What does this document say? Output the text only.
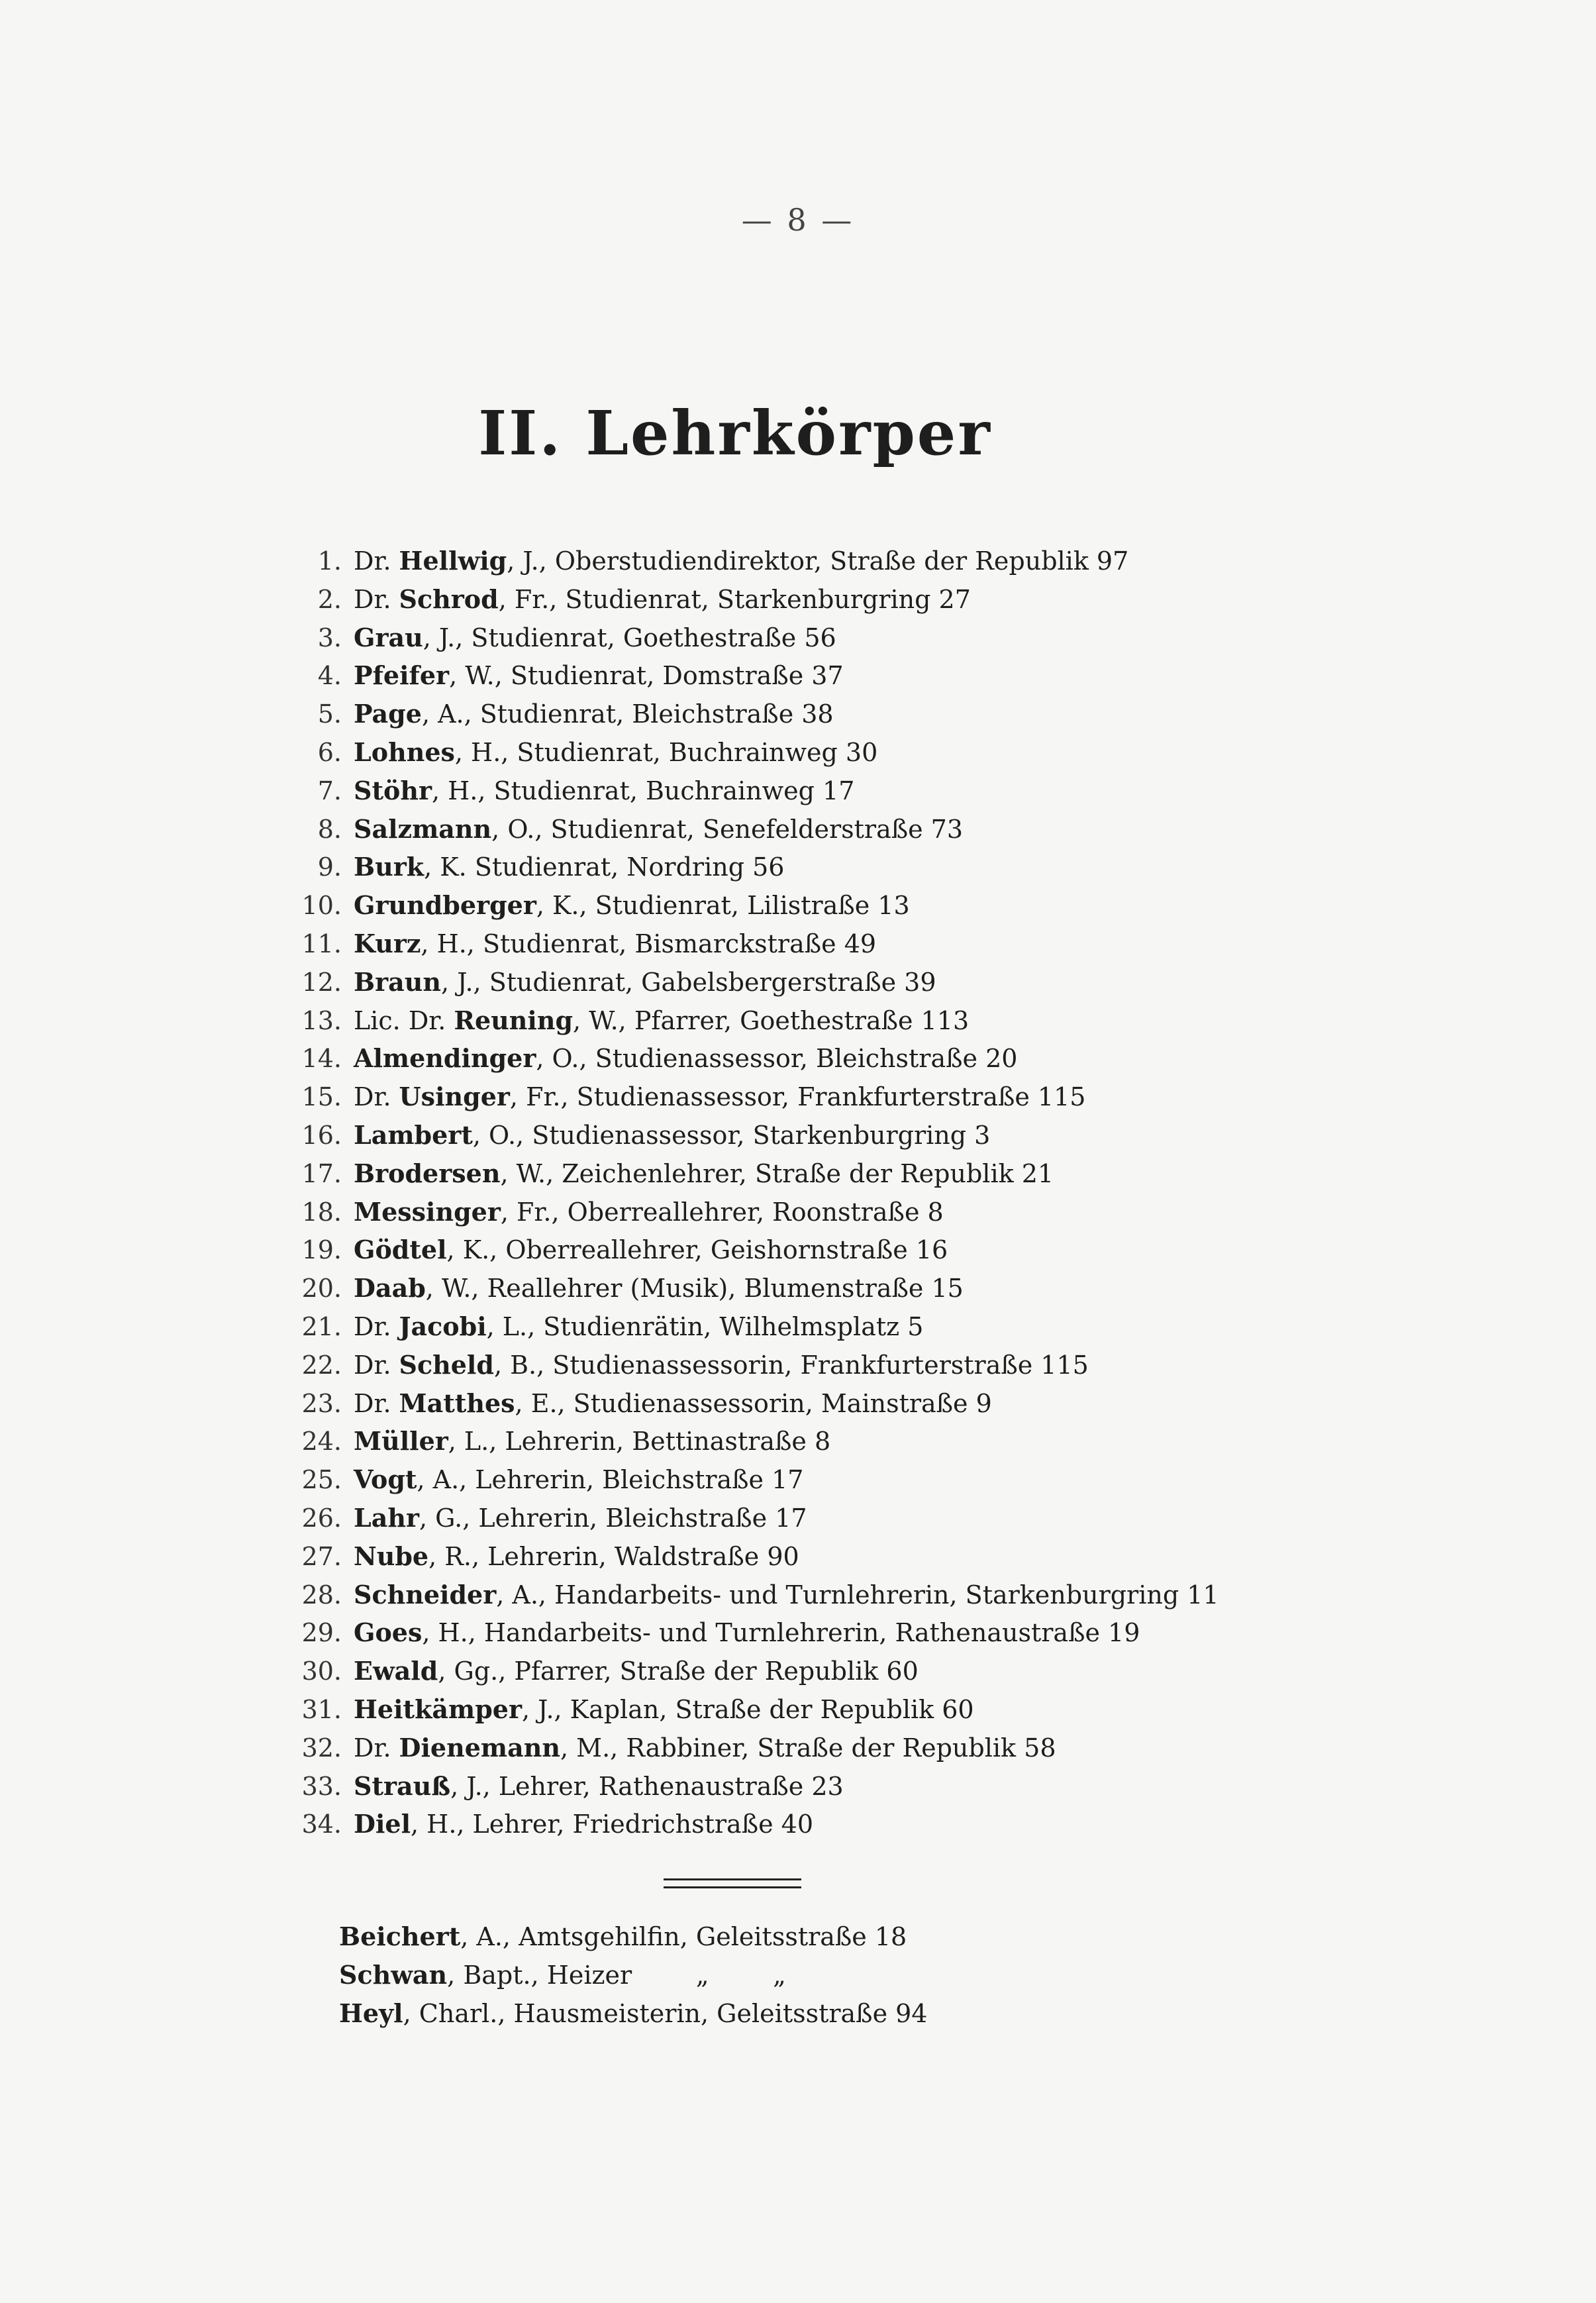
— 8 —
II. Lehrkörper
1. Dr. Hellwig, J., Oberstudiendirektor, Straße der Republik 97
2. Dr. Schrod, Fr., Studienrat, Starkenburgring 27
3. Grau, J., Studienrat, Goethestraße 56
4. Pfeifer, W., Studienrat, Domstraße 37
5. Page, A., Studienrat, Bleichstraße 38
6. Lohnes, H., Studienrat, Buchrainweg 30
7. Stöhr, H., Studienrat, Buchrainweg 17
8. Salzmann, O., Studienrat, Senefelderstraße 73
9. Burk, K. Studienrat, Nordring 56
10. Grundberger, K., Studienrat, Lilistraße 13
11. Kurz, H., Studienrat, Bismarckstraße 49
12. Braun, J., Studienrat, Gabelsbergerstraße 39
13. Lic. Dr. Reuning, W., Pfarrer, Goethestraße 113
14. Almendinger, O., Studienassessor, Bleichstraße 20
15. Dr. Usinger, Fr., Studienassessor, Frankfurterstraße 115
16. Lambert, O., Studienassessor, Starkenburgring 3
17. Brodersen, W., Zeichenlehrer, Straße der Republik 21
18. Messinger, Fr., Oberreallehrer, Roonstraße 8
19. Gödtel, K., Oberreallehrer, Geishornstraße 16
20. Daab, W., Reallehrer (Musik), Blumenstraße 15
21. Dr. Jacobi, L., Studienrätin, Wilhelmsplatz 5
22. Dr. Scheld, B., Studienassessorin, Frankfurterstraße 115
23. Dr. Matthes, E., Studienassessorin, Mainstraße 9
24. Müller, L., Lehrerin, Bettinastraße 8
25. Vogt, A., Lehrerin, Bleichstraße 17
26. Lahr, G., Lehrerin, Bleichstraße 17
27. Nube, R., Lehrerin, Waldstraße 90
28. Schneider, A., Handarbeits- und Turnlehrerin, Starkenburgring 11
29. Goes, H., Handarbeits- und Turnlehrerin, Rathenaustraße 19
30. Ewald, Gg., Pfarrer, Straße der Republik 60
31. Heitkämper, J., Kaplan, Straße der Republik 60
32. Dr. Dienemann, M., Rabbiner, Straße der Republik 58
33. Strauß, J., Lehrer, Rathenaustraße 23
34. Diel, H., Lehrer, Friedrichstraße 40
Beichert, A., Amtsgehilfin, Geleitsstraße 18
Schwan, Bapt., Heizer        „        „
Heyl, Charl., Hausmeisterin, Geleitsstraße 94
